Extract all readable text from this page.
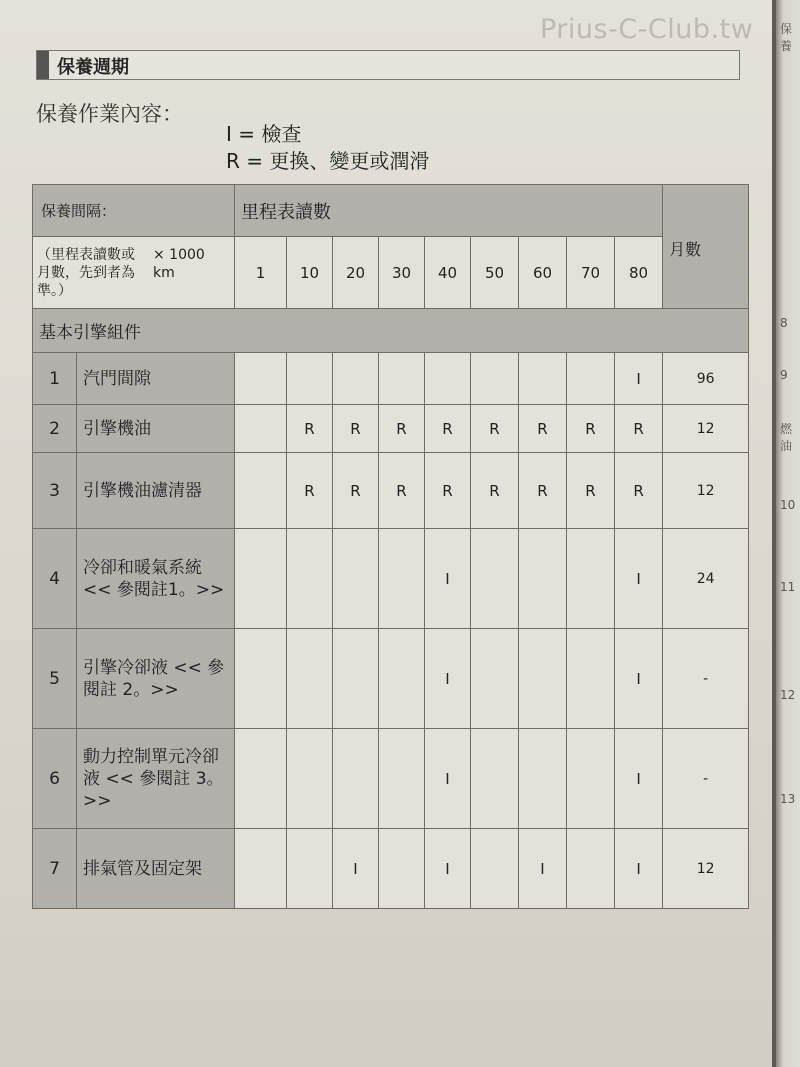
Prius-C-Club.tw
保養週期
保養作業內容：
I = 檢查
R = 更換、變更或潤滑
保養間隔：		里程表讀數									月數

（里程表讀數或月數，先到者為準。）
× 1000 km		1	10	20	30	40	50	60	70	80	
基本引擎組件											
1	汽門間隙									I	96
2	引擎機油		R	R	R	R	R	R	R	R	12
3	引擎機油濾清器		R	R	R	R	R	R	R	R	12
4	冷卻和暖氣系統 << 參閱註1。>>					I				I	24
5	引擎冷卻液 << 參閱註 2。>>					I				I	-
6	動力控制單元冷卻液 << 參閱註 3。>>					I				I	-
7	排氣管及固定架			I		I		I		I	12
保養
8
9
燃油
10
11
12
13
